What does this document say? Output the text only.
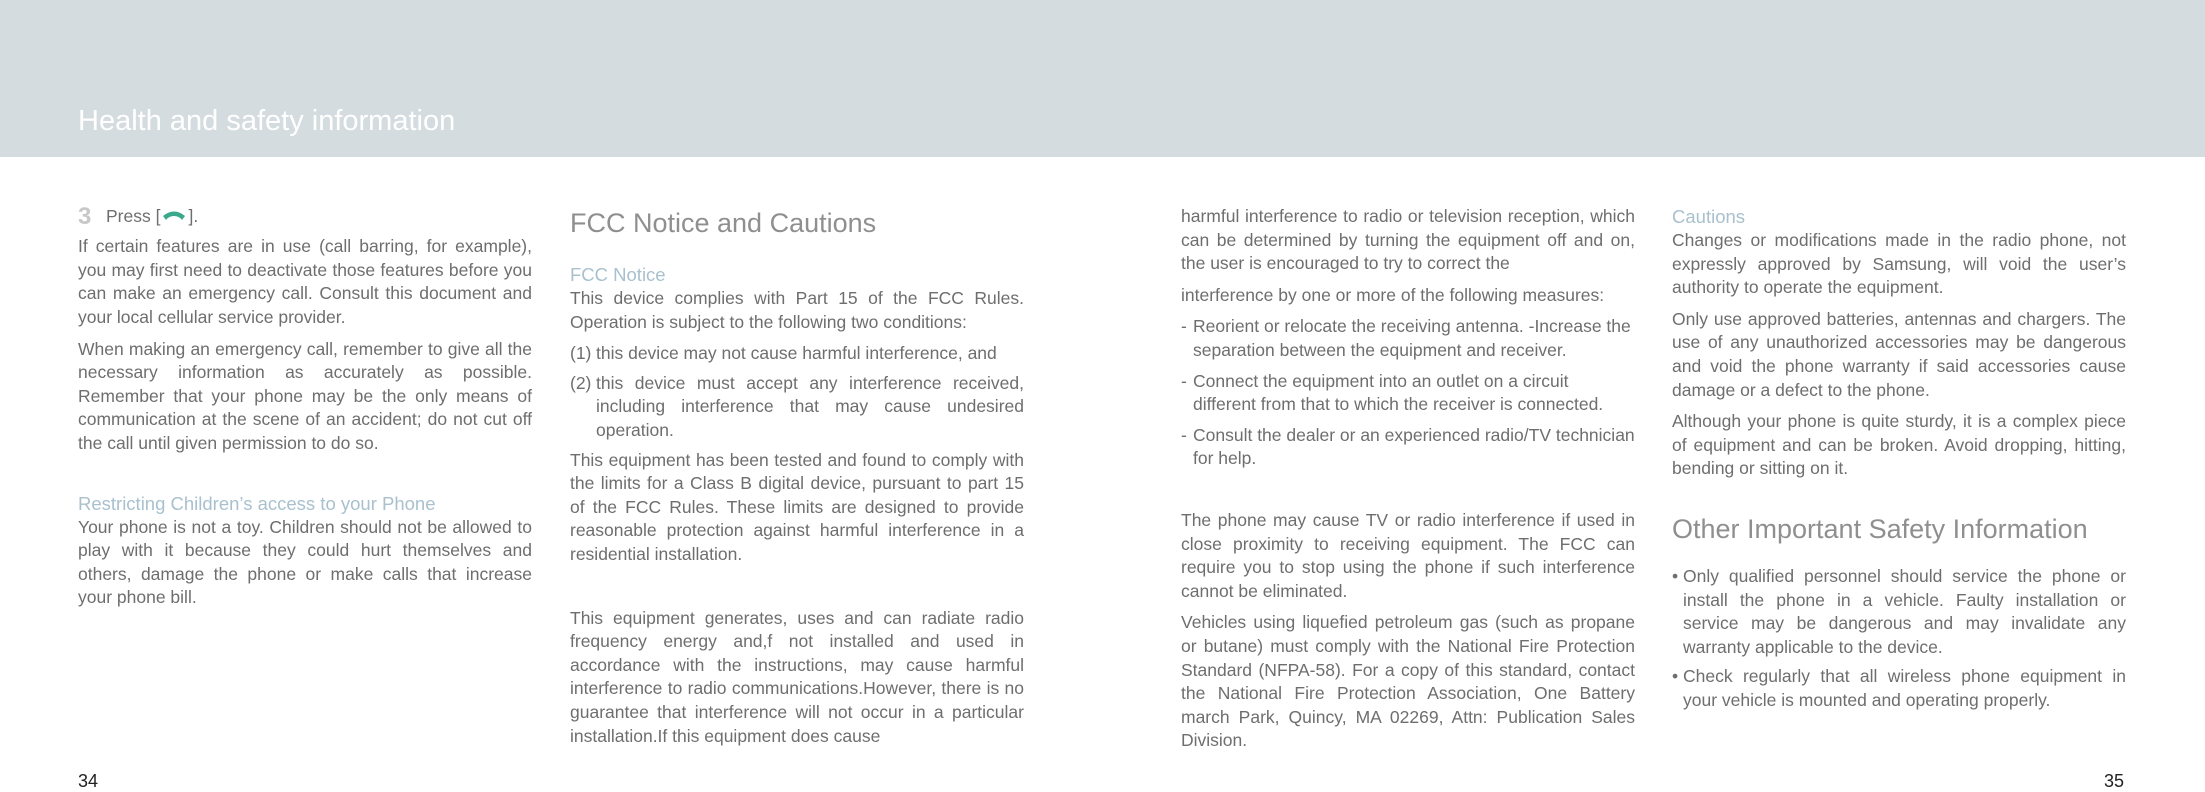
Health and safety information
3 Press [ ].

If certain features are in use (call barring, for example), you may first need to deactivate those features before you can make an emergency call. Consult this document and your local cellular service provider.

When making an emergency call, remember to give all the necessary information as accurately as possible. Remember that your phone may be the only means of communication at the scene of an accident; do not cut off the call until given permission to do so.

Restricting Children’s access to your Phone

Your phone is not a toy. Children should not be allowed to play with it because they could hurt themselves and others, damage the phone or make calls that increase your phone bill.

FCC Notice and Cautions
FCC Notice

This device complies with Part 15 of the FCC Rules. Operation is subject to the following two conditions:

(1) this device may not cause harmful interference, and
(2) this device must accept any interference received, including interference that may cause undesired operation.

This equipment has been tested and found to comply with the limits for a Class B digital device, pursuant to part 15 of the FCC Rules. These limits are designed to provide reasonable protection against harmful interference in a residential installation.

This equipment generates, uses and can radiate radio frequency energy and,f not installed and used in accordance with the instructions, may cause harmful interference to radio communications.However, there is no guarantee that interference will not occur in a particular installation.If this equipment does cause

harmful interference to radio or television reception, which can be determined by turning the equipment off and on, the user is encouraged to try to correct the

interference by one or more of the following measures:

- Reorient or relocate the receiving antenna. -Increase the separation between the equipment and receiver.
- Connect the equipment into an outlet on a circuit different from that to which the receiver is connected.
- Consult the dealer or an experienced radio/TV technician for help.

The phone may cause TV or radio interference if used in close proximity to receiving equipment. The FCC can require you to stop using the phone if such interference cannot be eliminated.

Vehicles using liquefied petroleum gas (such as propane or butane) must comply with the National Fire Protection Standard (NFPA-58). For a copy of this standard, contact the National Fire Protection Association, One Battery march Park, Quincy, MA 02269, Attn: Publication Sales Division.

Cautions

Changes or modifications made in the radio phone, not expressly approved by Samsung, will void the user’s authority to operate the equipment.

Only use approved batteries, antennas and chargers. The use of any unauthorized accessories may be dangerous and void the phone warranty if said accessories cause damage or a defect to the phone.

Although your phone is quite sturdy, it is a complex piece of equipment and can be broken. Avoid dropping, hitting, bending or sitting on it.

Other Important Safety Information
• Only qualified personnel should service the phone or install the phone in a vehicle. Faulty installation or service may be dangerous and may invalidate any warranty applicable to the device.
• Check regularly that all wireless phone equipment in your vehicle is mounted and operating properly.

34	35
